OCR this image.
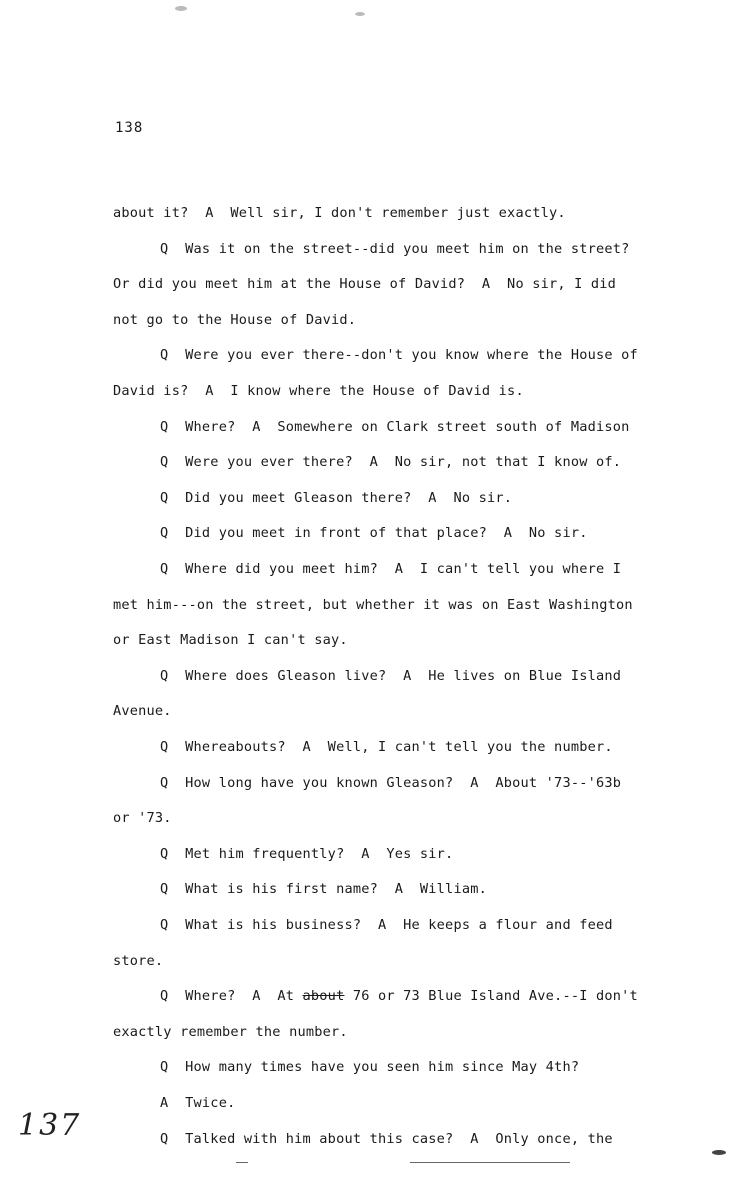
138
about it?  A  Well sir, I don't remember just exactly.
Q  Was it on the street--did you meet him on the street?
Or did you meet him at the House of David?  A  No sir, I did
not go to the House of David.
Q  Were you ever there--don't you know where the House of
David is?  A  I know where the House of David is.
Q  Where?  A  Somewhere on Clark street south of Madison
Q  Were you ever there?  A  No sir, not that I know of.
Q  Did you meet Gleason there?  A  No sir.
Q  Did you meet in front of that place?  A  No sir.
Q  Where did you meet him?  A  I can't tell you where I
met him---on the street, but whether it was on East Washington
or East Madison I can't say.
Q  Where does Gleason live?  A  He lives on Blue Island
Avenue.
Q  Whereabouts?  A  Well, I can't tell you the number.
Q  How long have you known Gleason?  A  About '73--'63b
or '73.
Q  Met him frequently?  A  Yes sir.
Q  What is his first name?  A  William.
Q  What is his business?  A  He keeps a flour and feed
store.
Q  Where?  A  At about 76 or 73 Blue Island Ave.--I don't
exactly remember the number.
Q  How many times have you seen him since May 4th?
A  Twice.
Q  Talked with him about this case?  A  Only once, the
137
